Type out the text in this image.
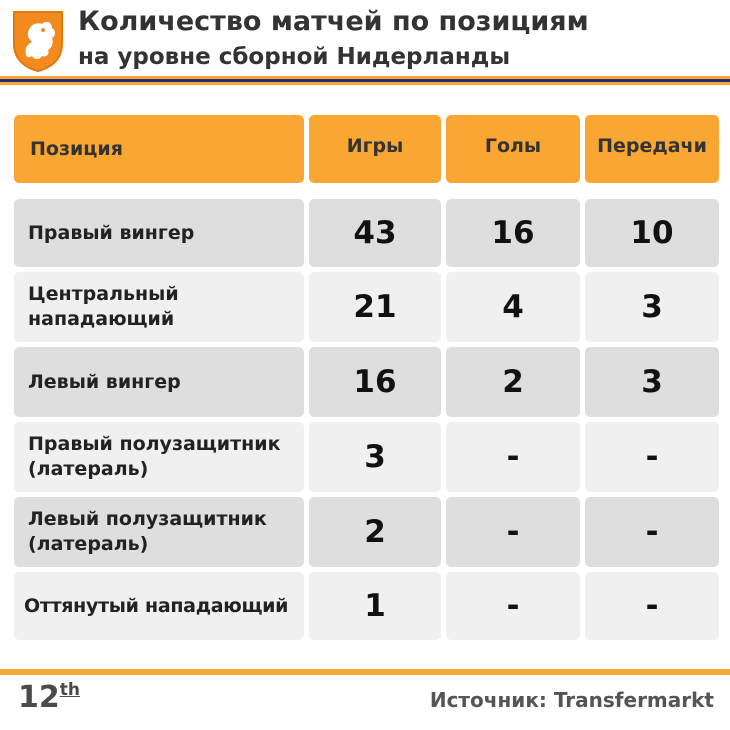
Количество матчей по позициям
на уровне сборной Нидерланды
Позиция	Игры	Голы	Передачи
Правый вингер	43	16	10
Центральный нападающий	21	4	3
Левый вингер	16	2	3
Правый полузащитник (латераль)	3	-	-
Левый полузащитник (латераль)	2	-	-
Оттянутый нападающий	1	-	-
12th	Источник: Transfermarkt
